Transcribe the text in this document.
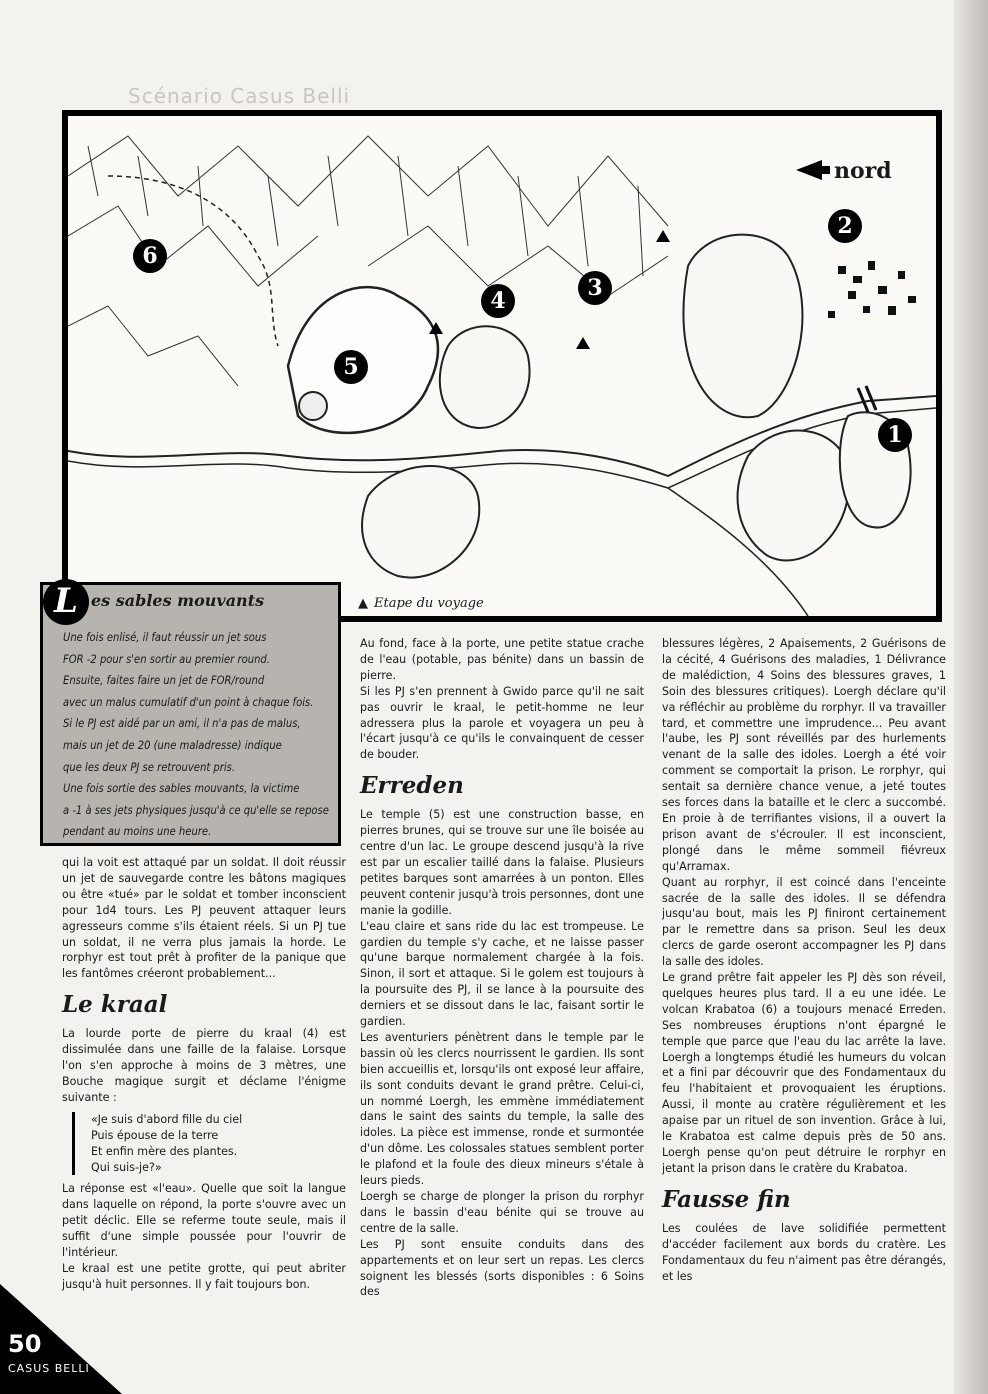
Scénario Casus Belli
nord
1
2
3
4
5
6
▲ Etape du voyage
L es sables mouvants
Une fois enlisé, il faut réussir un jet sous
FOR -2 pour s'en sortir au premier round.
Ensuite, faites faire un jet de FOR/round
avec un malus cumulatif d'un point à chaque fois.
Si le PJ est aidé par un ami, il n'a pas de malus,
mais un jet de 20 (une maladresse) indique
que les deux PJ se retrouvent pris.
Une fois sortie des sables mouvants, la victime
a -1 à ses jets physiques jusqu'à ce qu'elle se repose
pendant au moins une heure.

qui la voit est attaqué par un soldat. Il doit réussir un jet de sauvegarde contre les bâtons magiques ou être «tué» par le soldat et tomber inconscient pour 1d4 tours. Les PJ peuvent attaquer leurs agresseurs comme s'ils étaient réels. Si un PJ tue un soldat, il ne verra plus jamais la horde. Le rorphyr est tout prêt à profiter de la panique que les fantômes créeront probablement...

Le kraal

La lourde porte de pierre du kraal (4) est dissimulée dans une faille de la falaise. Lorsque l'on s'en approche à moins de 3 mètres, une Bouche magique surgit et déclame l'énigme suivante :

«Je suis d'abord fille du ciel
Puis épouse de la terre
Et enfin mère des plantes.
Qui suis-je?»

La réponse est «l'eau». Quelle que soit la langue dans laquelle on répond, la porte s'ouvre avec un petit déclic. Elle se referme toute seule, mais il suffit d'une simple poussée pour l'ouvrir de l'intérieur.

Le kraal est une petite grotte, qui peut abriter jusqu'à huit personnes. Il y fait toujours bon.

Au fond, face à la porte, une petite statue crache de l'eau (potable, pas bénite) dans un bassin de pierre.

Si les PJ s'en prennent à Gwido parce qu'il ne sait pas ouvrir le kraal, le petit-homme ne leur adressera plus la parole et voyagera un peu à l'écart jusqu'à ce qu'ils le convainquent de cesser de bouder.

Erreden

Le temple (5) est une construction basse, en pierres brunes, qui se trouve sur une île boisée au centre d'un lac. Le groupe descend jusqu'à la rive est par un escalier taillé dans la falaise. Plusieurs petites barques sont amarrées à un ponton. Elles peuvent contenir jusqu'à trois personnes, dont une manie la godille.

L'eau claire et sans ride du lac est trompeuse. Le gardien du temple s'y cache, et ne laisse passer qu'une barque normalement chargée à la fois. Sinon, il sort et attaque. Si le golem est toujours à la poursuite des PJ, il se lance à la poursuite des derniers et se dissout dans le lac, faisant sortir le gardien.

Les aventuriers pénètrent dans le temple par le bassin où les clercs nourrissent le gardien. Ils sont bien accueillis et, lorsqu'ils ont exposé leur affaire, ils sont conduits devant le grand prêtre. Celui-ci, un nommé Loergh, les emmène immédiatement dans le saint des saints du temple, la salle des idoles. La pièce est immense, ronde et surmontée d'un dôme. Les colossales statues semblent porter le plafond et la foule des dieux mineurs s'étale à leurs pieds.

Loergh se charge de plonger la prison du rorphyr dans le bassin d'eau bénite qui se trouve au centre de la salle.

Les PJ sont ensuite conduits dans des appartements et on leur sert un repas. Les clercs soignent les blessés (sorts disponibles : 6 Soins des

blessures légères, 2 Apaisements, 2 Guérisons de la cécité, 4 Guérisons des maladies, 1 Délivrance de malédiction, 4 Soins des blessures graves, 1 Soin des blessures critiques). Loergh déclare qu'il va réfléchir au problème du rorphyr. Il va travailler tard, et commettre une imprudence... Peu avant l'aube, les PJ sont réveillés par des hurlements venant de la salle des idoles. Loergh a été voir comment se comportait la prison. Le rorphyr, qui sentait sa dernière chance venue, a jeté toutes ses forces dans la bataille et le clerc a succombé. En proie à de terrifiantes visions, il a ouvert la prison avant de s'écrouler. Il est inconscient, plongé dans le même sommeil fiévreux qu'Arramax.

Quant au rorphyr, il est coincé dans l'enceinte sacrée de la salle des idoles. Il se défendra jusqu'au bout, mais les PJ finiront certainement par le remettre dans sa prison. Seul les deux clercs de garde oseront accompagner les PJ dans la salle des idoles.

Le grand prêtre fait appeler les PJ dès son réveil, quelques heures plus tard. Il a eu une idée. Le volcan Krabatoa (6) a toujours menacé Erreden. Ses nombreuses éruptions n'ont épargné le temple que parce que l'eau du lac arrête la lave. Loergh a longtemps étudié les humeurs du volcan et a fini par découvrir que des Fondamentaux du feu l'habitaient et provoquaient les éruptions. Aussi, il monte au cratère régulièrement et les apaise par un rituel de son invention. Grâce à lui, le Krabatoa est calme depuis près de 50 ans. Loergh pense qu'on peut détruire le rorphyr en jetant la prison dans le cratère du Krabatoa.

Fausse fin

Les coulées de lave solidifiée permettent d'accéder facilement aux bords du cratère. Les Fondamentaux du feu n'aiment pas être dérangés, et les

50
CASUS BELLI
